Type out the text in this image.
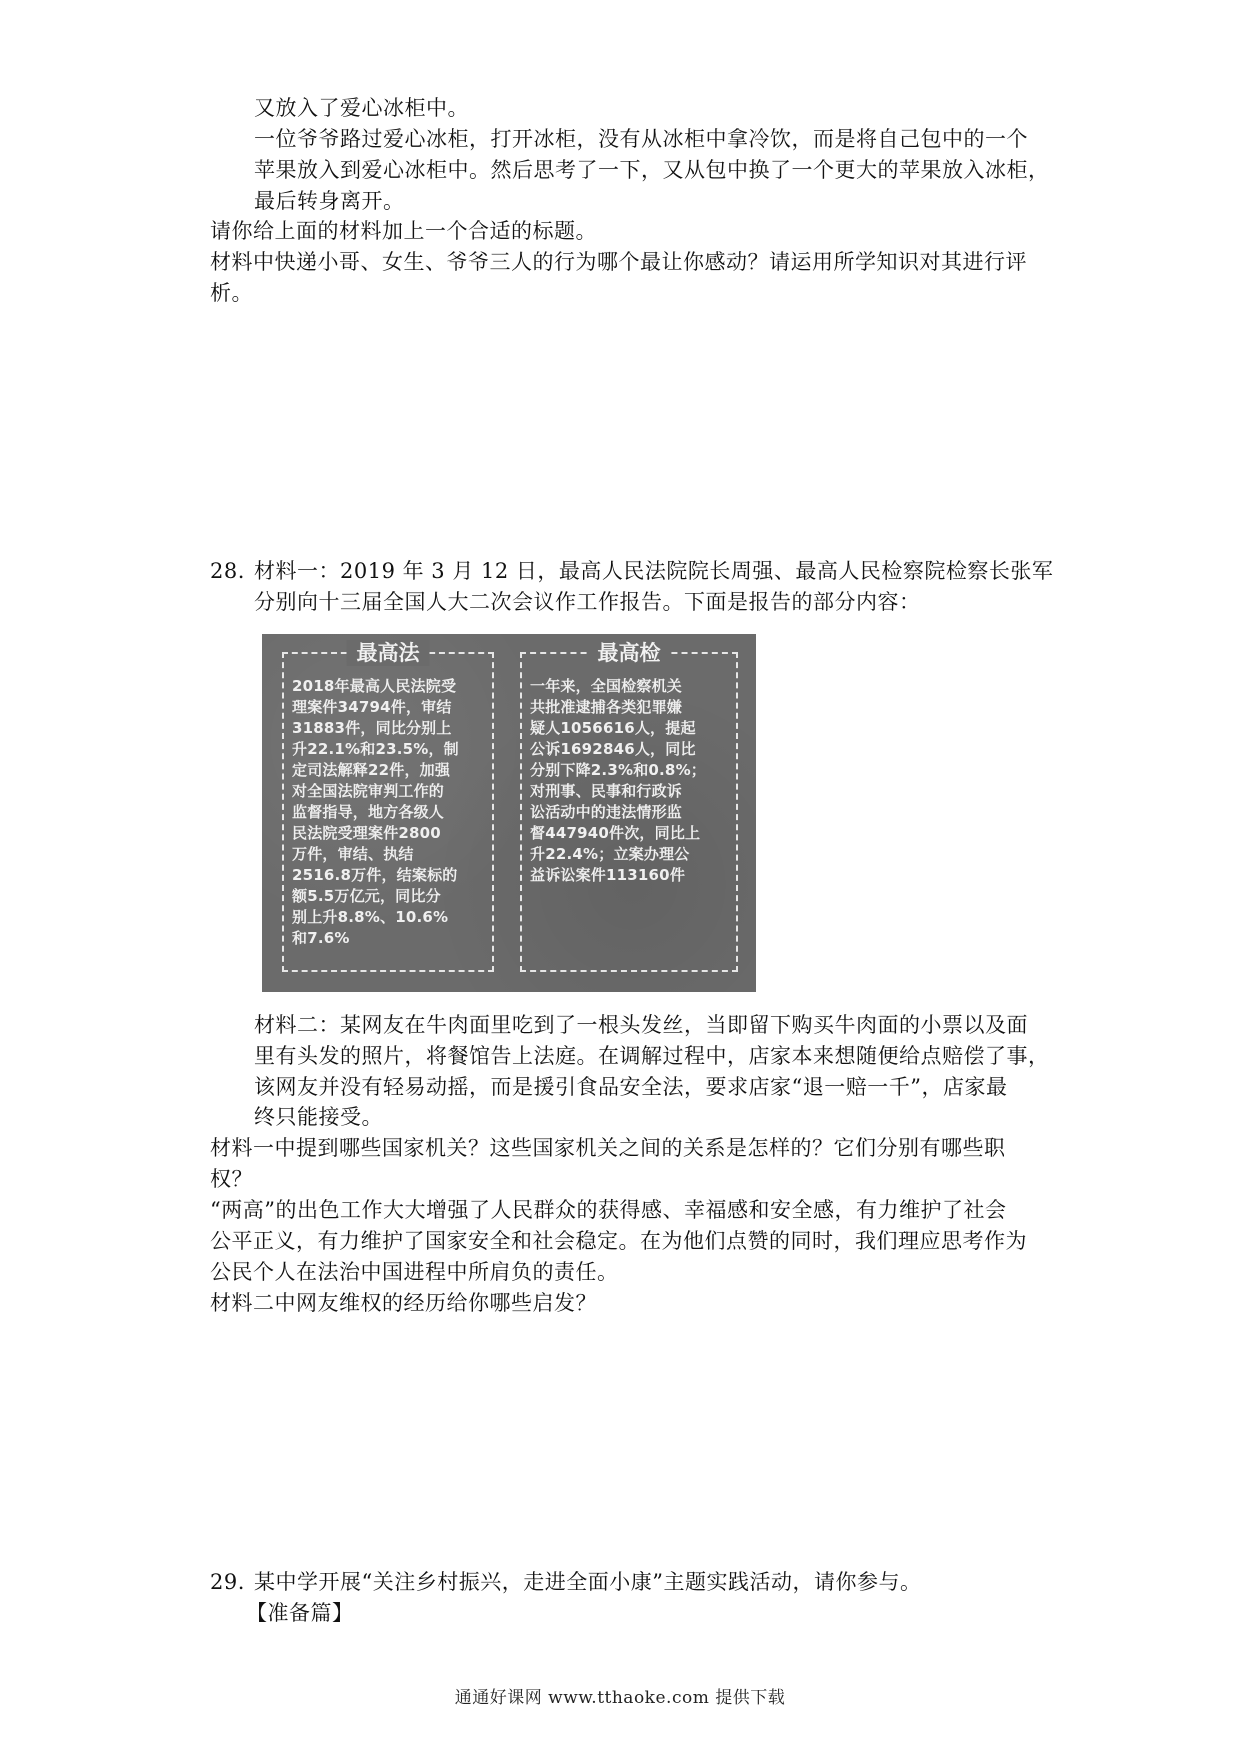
又放入了爱心冰柜中。
一位爷爷路过爱心冰柜，打开冰柜，没有从冰柜中拿冷饮，而是将自己包中的一个
苹果放入到爱心冰柜中。然后思考了一下，又从包中换了一个更大的苹果放入冰柜，
最后转身离开。
请你给上面的材料加上一个合适的标题。
材料中快递小哥、女生、爷爷三人的行为哪个最让你感动？请运用所学知识对其进行评
析。
28. 材料一：2019 年 3 月 12 日，最高人民法院院长周强、最高人民检察院检察长张军
分别向十三届全国人大二次会议作工作报告。下面是报告的部分内容：
最高法
2018年最高人民法院受
理案件34794件，审结
31883件，同比分别上
升22.1%和23.5%，制
定司法解释22件，加强
对全国法院审判工作的
监督指导，地方各级人
民法院受理案件2800
万件，审结、执结
2516.8万件，结案标的
额5.5万亿元，同比分
别上升8.8%、10.6%
和7.6%
最高检
一年来，全国检察机关
共批准逮捕各类犯罪嫌
疑人1056616人，提起
公诉1692846人，同比
分别下降2.3%和0.8%；
对刑事、民事和行政诉
讼活动中的违法情形监
督447940件次，同比上
升22.4%；立案办理公
益诉讼案件113160件
材料二：某网友在牛肉面里吃到了一根头发丝，当即留下购买牛肉面的小票以及面
里有头发的照片，将餐馆告上法庭。在调解过程中，店家本来想随便给点赔偿了事，
该网友并没有轻易动摇，而是援引食品安全法，要求店家“退一赔一千”，店家最
终只能接受。
材料一中提到哪些国家机关？这些国家机关之间的关系是怎样的？它们分别有哪些职
权？
“两高”的出色工作大大增强了人民群众的获得感、幸福感和安全感，有力维护了社会
公平正义，有力维护了国家安全和社会稳定。在为他们点赞的同时，我们理应思考作为
公民个人在法治中国进程中所肩负的责任。
材料二中网友维权的经历给你哪些启发？
29. 某中学开展“关注乡村振兴，走进全面小康”主题实践活动，请你参与。
【准备篇】
通通好课网 www.tthaoke.com 提供下载
